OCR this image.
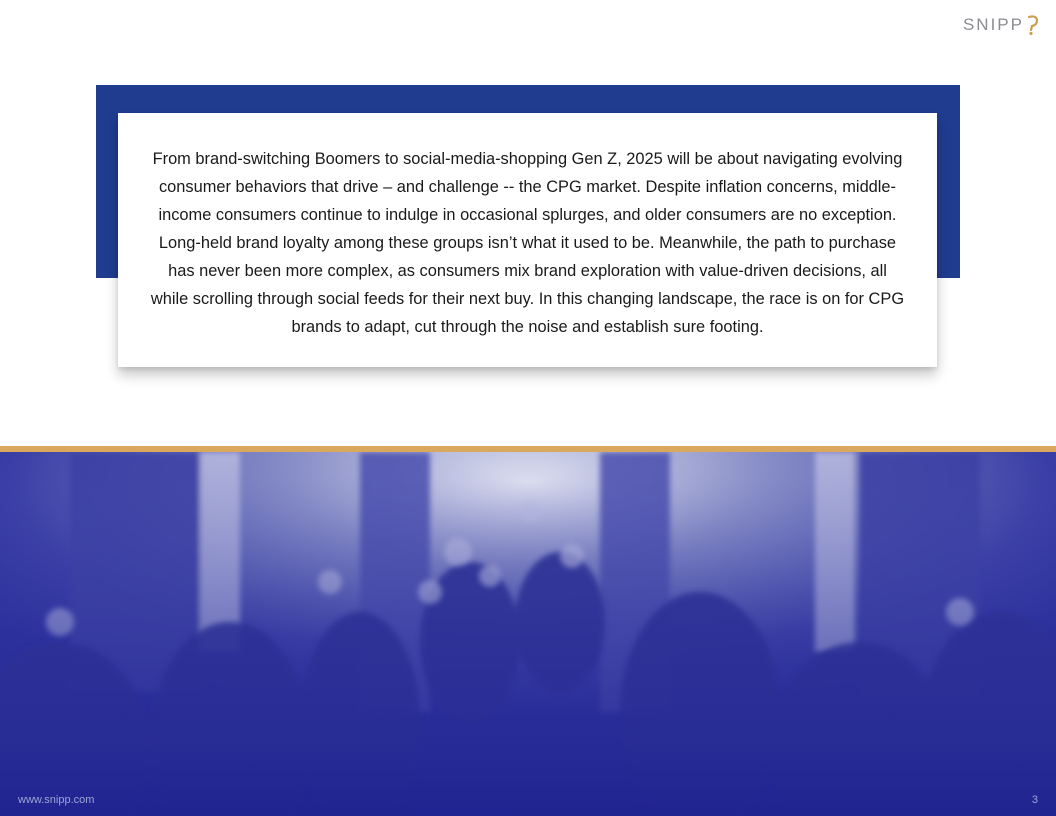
SNIPP

From brand-switching Boomers to social-media-shopping Gen Z, 2025 will be about navigating evolving consumer behaviors that drive – and challenge -- the CPG market. Despite inflation concerns, middle-income consumers continue to indulge in occasional splurges, and older consumers are no exception. Long-held brand loyalty among these groups isn’t what it used to be. Meanwhile, the path to purchase has never been more complex, as consumers mix brand exploration with value-driven decisions, all while scrolling through social feeds for their next buy. In this changing landscape, the race is on for CPG brands to adapt, cut through the noise and establish sure footing.

www.snipp.com	3
